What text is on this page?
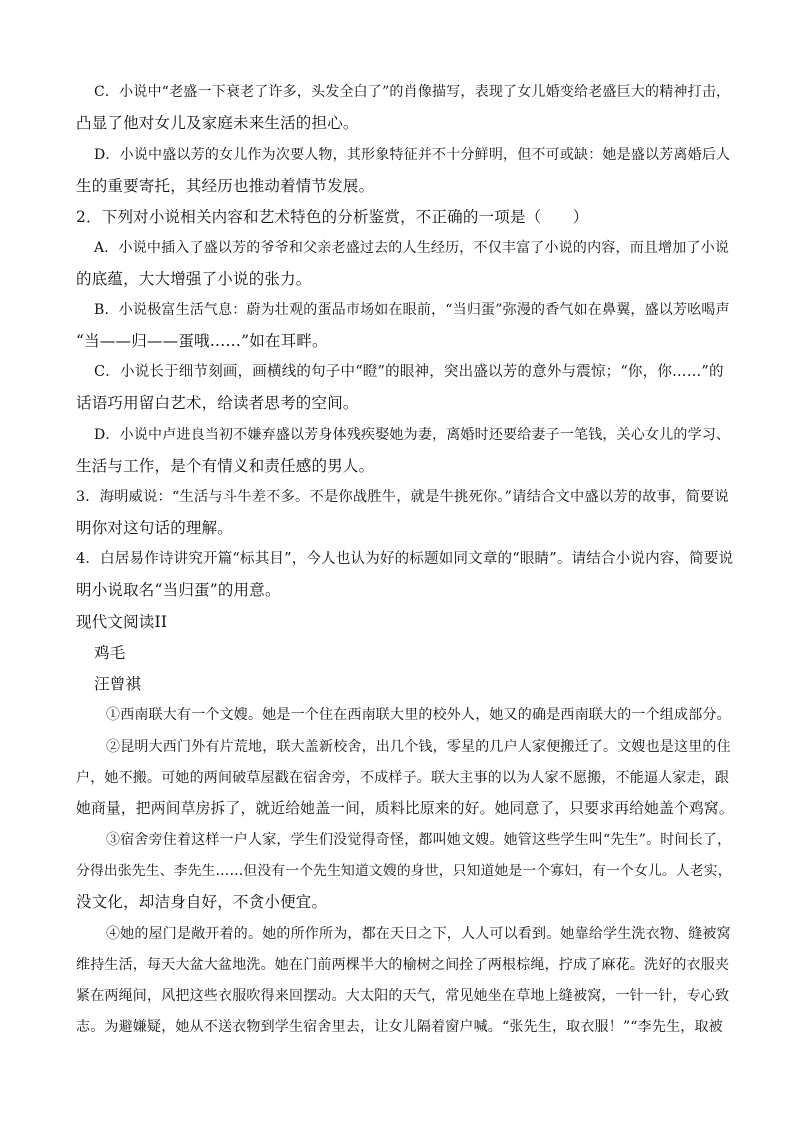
C．小说中“老盛一下衰老了许多，头发全白了”的肖像描写，表现了女儿婚变给老盛巨大的精神打击，
凸显了他对女儿及家庭未来生活的担心。
D．小说中盛以芳的女儿作为次要人物，其形象特征并不十分鲜明，但不可或缺：她是盛以芳离婚后人
生的重要寄托，其经历也推动着情节发展。
2．下列对小说相关内容和艺术特色的分析鉴赏，不正确的一项是（　　）
A．小说中插入了盛以芳的爷爷和父亲老盛过去的人生经历，不仅丰富了小说的内容，而且增加了小说
的底蕴，大大增强了小说的张力。
B．小说极富生活气息：蔚为壮观的蛋品市场如在眼前，“当归蛋”弥漫的香气如在鼻翼，盛以芳吆喝声
“当——归——蛋哦……”如在耳畔。
C．小说长于细节刻画，画横线的句子中“瞪”的眼神，突出盛以芳的意外与震惊；“你，你……”的
话语巧用留白艺术，给读者思考的空间。
D．小说中卢进良当初不嫌弃盛以芳身体残疾娶她为妻，离婚时还要给妻子一笔钱，关心女儿的学习、
生活与工作，是个有情义和责任感的男人。
3．海明威说：“生活与斗牛差不多。不是你战胜牛，就是牛挑死你。”请结合文中盛以芳的故事，简要说
明你对这句话的理解。
4．白居易作诗讲究开篇“标其目”，今人也认为好的标题如同文章的“眼睛”。请结合小说内容，简要说
明小说取名“当归蛋”的用意。
现代文阅读II
鸡毛
汪曾祺
①西南联大有一个文嫂。她是一个住在西南联大里的校外人，她又的确是西南联大的一个组成部分。
②昆明大西门外有片荒地，联大盖新校舍，出几个钱，零星的几户人家便搬迁了。文嫂也是这里的住
户，她不搬。可她的两间破草屋戳在宿舍旁，不成样子。联大主事的以为人家不愿搬，不能逼人家走，跟
她商量，把两间草房拆了，就近给她盖一间，质料比原来的好。她同意了，只要求再给她盖个鸡窝。
③宿舍旁住着这样一户人家，学生们没觉得奇怪，都叫她文嫂。她管这些学生叫“先生”。时间长了，
分得出张先生、李先生……但没有一个先生知道文嫂的身世，只知道她是一个寡妇，有一个女儿。人老实，
没文化，却洁身自好，不贪小便宜。
④她的屋门是敞开着的。她的所作所为，都在天日之下，人人可以看到。她靠给学生洗衣物、缝被窝
维持生活，每天大盆大盆地洗。她在门前两棵半大的榆树之间拴了两根棕绳，拧成了麻花。洗好的衣服夹
紧在两绳间，风把这些衣服吹得来回摆动。大太阳的天气，常见她坐在草地上缝被窝，一针一针，专心致
志。为避嫌疑，她从不送衣物到学生宿舍里去，让女儿隔着窗户喊。“张先生，取衣服！”“李先生，取被
